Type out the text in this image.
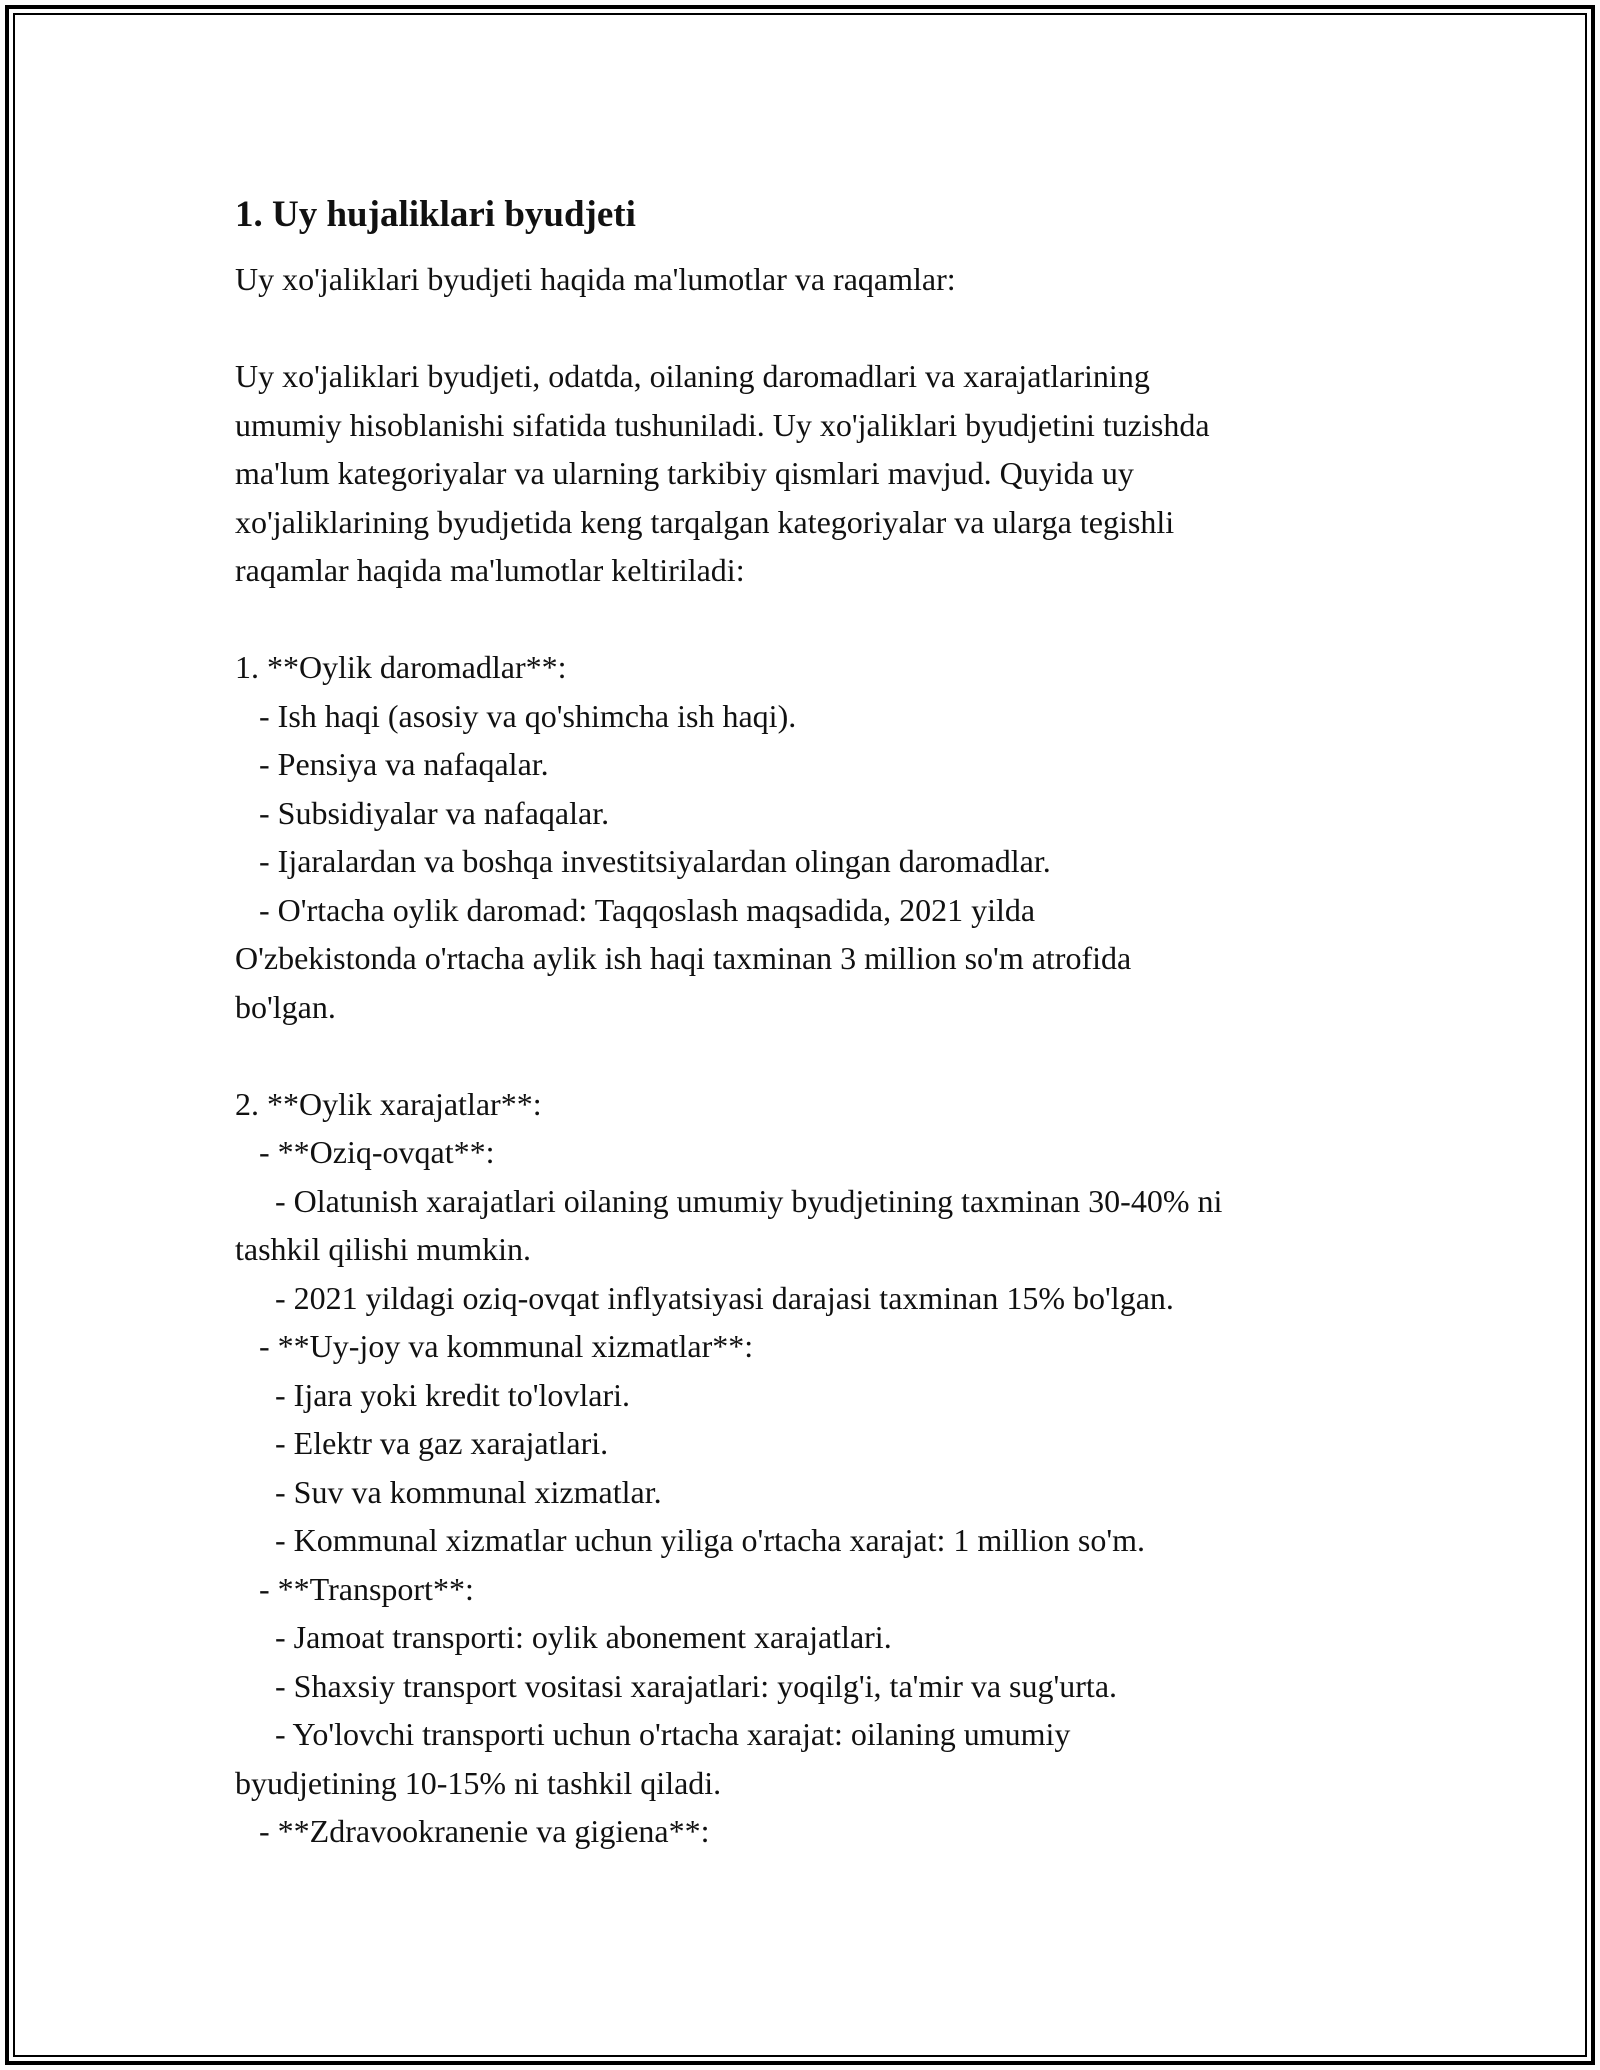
1. Uy hujaliklari byudjeti
Uy xo'jaliklari byudjeti haqida ma'lumotlar va raqamlar:
Uy xo'jaliklari byudjeti, odatda, oilaning daromadlari va xarajatlarining
umumiy hisoblanishi sifatida tushuniladi. Uy xo'jaliklari byudjetini tuzishda
ma'lum kategoriyalar va ularning tarkibiy qismlari mavjud. Quyida uy
xo'jaliklarining byudjetida keng tarqalgan kategoriyalar va ularga tegishli
raqamlar haqida ma'lumotlar keltiriladi:
1. **Oylik daromadlar**:
- Ish haqi (asosiy va qo'shimcha ish haqi).
- Pensiya va nafaqalar.
- Subsidiyalar va nafaqalar.
- Ijaralardan va boshqa investitsiyalardan olingan daromadlar.
- O'rtacha oylik daromad: Taqqoslash maqsadida, 2021 yilda
O'zbekistonda o'rtacha aylik ish haqi taxminan 3 million so'm atrofida
bo'lgan.
2. **Oylik xarajatlar**:
- **Oziq-ovqat**:
- Olatunish xarajatlari oilaning umumiy byudjetining taxminan 30-40% ni
tashkil qilishi mumkin.
- 2021 yildagi oziq-ovqat inflyatsiyasi darajasi taxminan 15% bo'lgan.
- **Uy-joy va kommunal xizmatlar**:
- Ijara yoki kredit to'lovlari.
- Elektr va gaz xarajatlari.
- Suv va kommunal xizmatlar.
- Kommunal xizmatlar uchun yiliga o'rtacha xarajat: 1 million so'm.
- **Transport**:
- Jamoat transporti: oylik abonement xarajatlari.
- Shaxsiy transport vositasi xarajatlari: yoqilg'i, ta'mir va sug'urta.
- Yo'lovchi transporti uchun o'rtacha xarajat: oilaning umumiy
byudjetining 10-15% ni tashkil qiladi.
- **Zdravookranenie va gigiena**:
